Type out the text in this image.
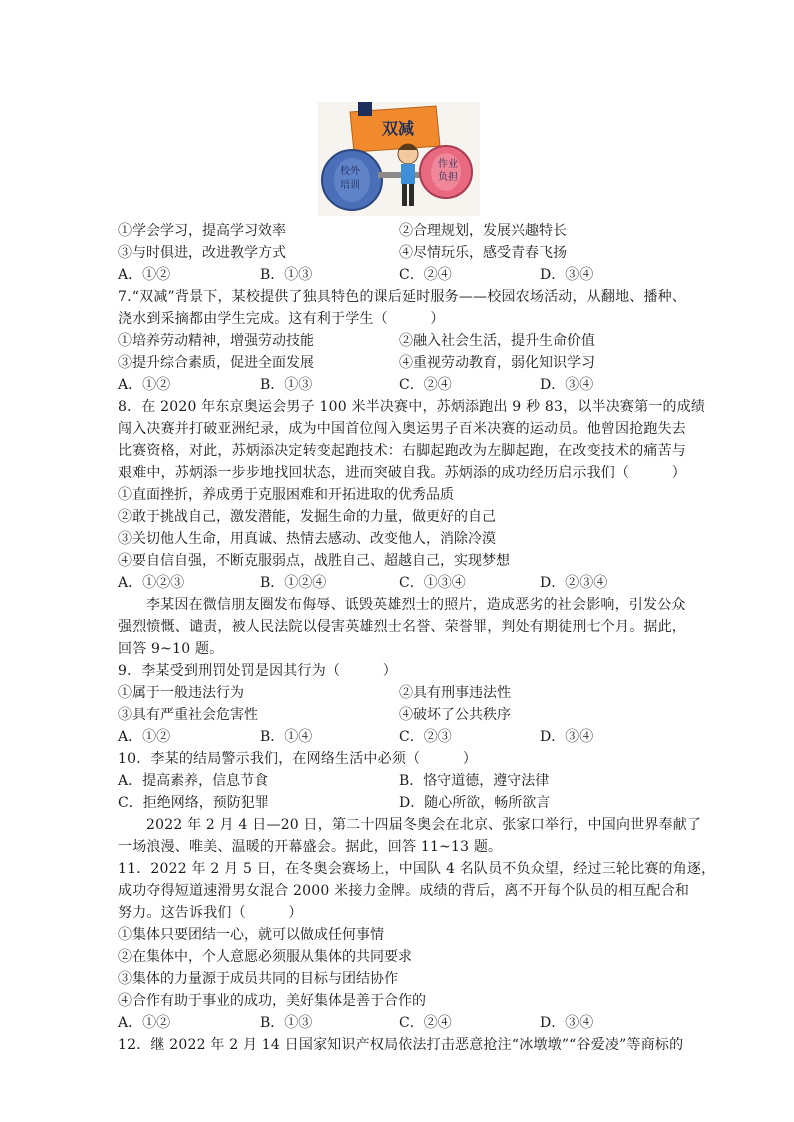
双减
校外
培训
作业
负担
①学会学习，提高学习效率	②合理规划，发展兴趣特长
③与时俱进，改进教学方式	④尽情玩乐，感受青春飞扬
A．①②	B．①③	C．②④	D．③④
7.“双减”背景下，某校提供了独具特色的课后延时服务——校园农场活动，从翻地、播种、
浇水到采摘都由学生完成。这有利于学生（　　　）
①培养劳动精神，增强劳动技能	②融入社会生活，提升生命价值
③提升综合素质，促进全面发展	④重视劳动教育，弱化知识学习
A．①②	B．①③	C．②④	D．③④
8．在 2020 年东京奥运会男子 100 米半决赛中，苏炳添跑出 9 秒 83，以半决赛第一的成绩
闯入决赛并打破亚洲纪录，成为中国首位闯入奥运男子百米决赛的运动员。他曾因抢跑失去
比赛资格，对此，苏炳添决定转变起跑技术：右脚起跑改为左脚起跑，在改变技术的痛苦与
艰难中，苏炳添一步步地找回状态，进而突破自我。苏炳添的成功经历启示我们（　　　）
①直面挫折，养成勇于克服困难和开拓进取的优秀品质
②敢于挑战自己，激发潜能，发掘生命的力量，做更好的自己
③关切他人生命，用真诚、热情去感动、改变他人，消除冷漠
④要自信自强，不断克服弱点，战胜自己、超越自己，实现梦想
A．①②③	B．①②④	C．①③④	D．②③④
李某因在微信朋友圈发布侮辱、诋毁英雄烈士的照片，造成恶劣的社会影响，引发公众
强烈愤慨、谴责，被人民法院以侵害英雄烈士名誉、荣誉罪，判处有期徒刑七个月。据此，
回答 9~10 题。
9．李某受到刑罚处罚是因其行为（　　　）
①属于一般违法行为	②具有刑事违法性
③具有严重社会危害性	④破坏了公共秩序
A．①②	B．①④	C．②③	D．③④
10．李某的结局警示我们，在网络生活中必须（　　　）
A．提高素养，信息节食	B．恪守道德，遵守法律
C．拒绝网络，预防犯罪	D．随心所欲，畅所欲言
2022 年 2 月 4 日—20 日，第二十四届冬奥会在北京、张家口举行，中国向世界奉献了
一场浪漫、唯美、温暖的开幕盛会。据此，回答 11~13 题。
11．2022 年 2 月 5 日，在冬奥会赛场上，中国队 4 名队员不负众望，经过三轮比赛的角逐，
成功夺得短道速滑男女混合 2000 米接力金牌。成绩的背后，离不开每个队员的相互配合和
努力。这告诉我们（　　　）
①集体只要团结一心，就可以做成任何事情
②在集体中，个人意愿必须服从集体的共同要求
③集体的力量源于成员共同的目标与团结协作
④合作有助于事业的成功，美好集体是善于合作的
A．①②	B．①③	C．②④	D．③④
12．继 2022 年 2 月 14 日国家知识产权局依法打击恶意抢注“冰墩墩”“谷爱凌”等商标的
